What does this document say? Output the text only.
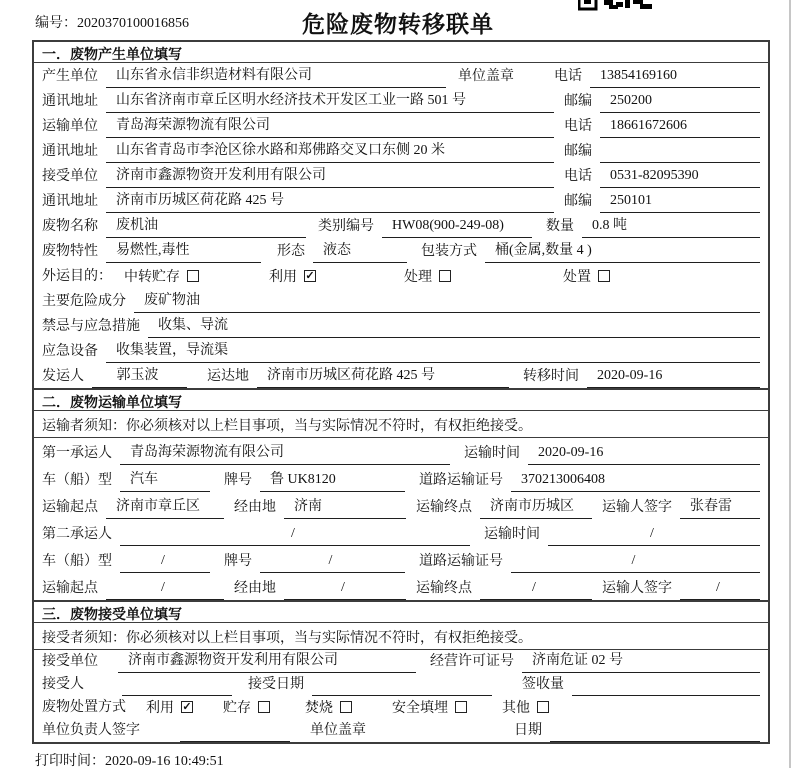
编号：2020370100016856	危险废物转移联单
一．废物产生单位填写
产生单位	山东省永信非织造材料有限公司	单位盖章	电话	13854169160
通讯地址	山东省济南市章丘区明水经济技术开发区工业一路 501 号	邮编	250200
运输单位	青岛海荣源物流有限公司	电话	18661672606
通讯地址	山东省青岛市李沧区徐水路和郑佛路交叉口东侧 20 米	邮编
接受单位	济南市鑫源物资开发利用有限公司	电话	0531-82095390
通讯地址	济南市历城区荷花路 425 号	邮编	250101
废物名称	废机油	类别编号	HW08(900-249-08)	数量	0.8 吨
废物特性	易燃性,毒性	形态	液态	包装方式	桶(金属,数量 4 )
外运目的： 中转贮存	利用 ✓	处理	处置
主要危险成分	废矿物油
禁忌与应急措施	收集、导流
应急设备	收集装置，导流渠
发运人	郭玉波	运达地	济南市历城区荷花路 425 号	转移时间	2020-09-16
二．废物运输单位填写
运输者须知：你必须核对以上栏目事项，当与实际情况不符时，有权拒绝接受。
第一承运人	青岛海荣源物流有限公司	运输时间	2020-09-16
车（船）型	汽车	牌号	鲁 UK8120	道路运输证号	370213006408
运输起点	济南市章丘区	经由地	济南	运输终点	济南市历城区	运输人签字	张春雷
第二承运人	/	运输时间	/
车（船）型	/	牌号	/	道路运输证号	/
运输起点	/	经由地	/	运输终点	/	运输人签字	/
三．废物接受单位填写
接受者须知：你必须核对以上栏目事项，当与实际情况不符时，有权拒绝接受。
接受单位	济南市鑫源物资开发利用有限公司	经营许可证号	济南危证 02 号
接受人	接受日期	签收量
废物处置方式 利用 ✓ 贮存	焚烧	安全填埋	其他
单位负责人签字	单位盖章	日期
打印时间：2020-09-16 10:49:51
